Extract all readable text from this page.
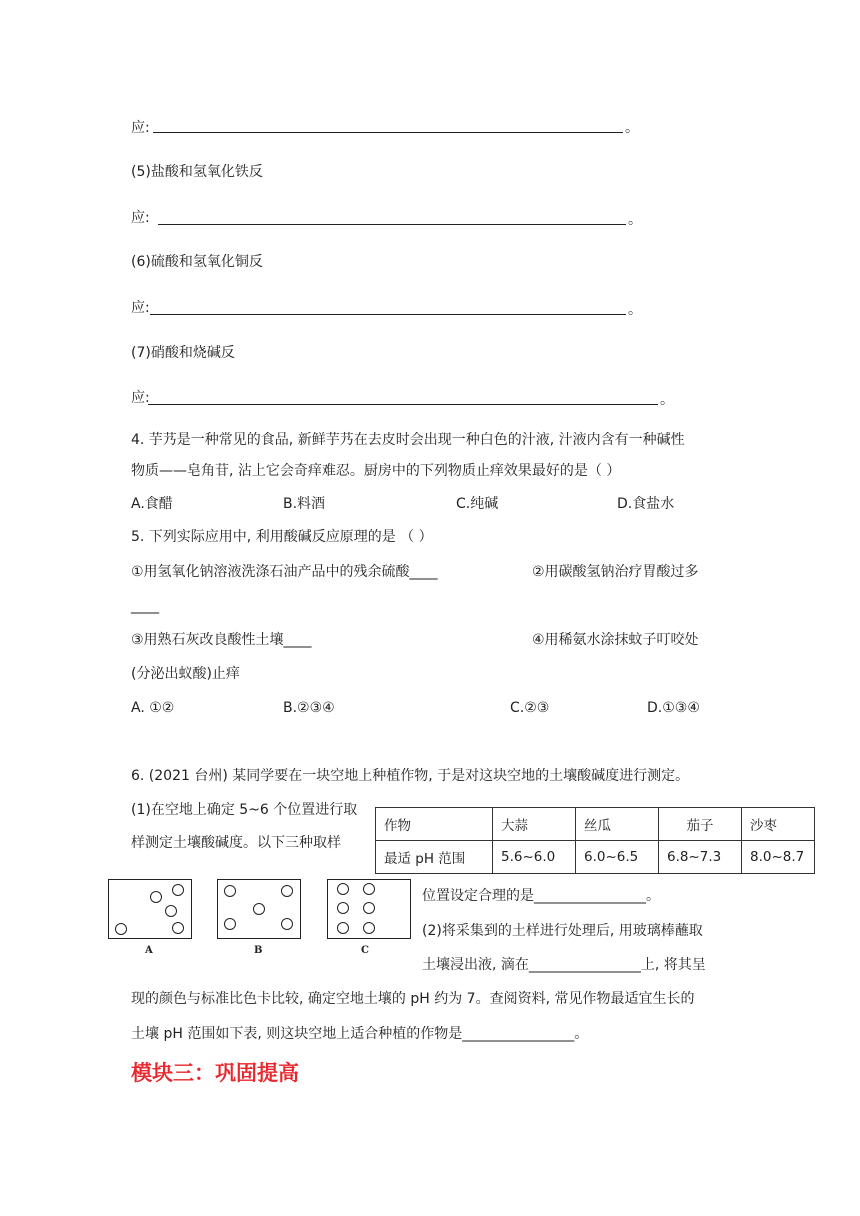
应:	。
(5)盐酸和氢氧化铁反
应:	。
(6)硫酸和氢氧化铜反
应:	。
(7)硝酸和烧碱反
应:	。
4. 芋艿是一种常见的食品, 新鲜芋艿在去皮时会出现一种白色的汁液, 汁液内含有一种碱性
物质——皂角苷, 沾上它会奇痒难忍。厨房中的下列物质止痒效果最好的是（ ）
A.食醋	B.料酒	C.纯碱	D.食盐水
5. 下列实际应用中, 利用酸碱反应原理的是 （ ）
①用氢氧化钠溶液洗涤石油产品中的残余硫酸____	②用碳酸氢钠治疗胃酸过多
____
③用熟石灰改良酸性土壤____	④用稀氨水涂抹蚊子叮咬处
(分泌出蚁酸)止痒
A. ①②	B.②③④	C.②③	D.①③④
6. (2021 台州) 某同学要在一块空地上种植作物, 于是对这块空地的土壤酸碱度进行测定。
(1)在空地上确定 5~6 个位置进行取
样测定土壤酸碱度。以下三种取样
作物	大蒜	丝瓜	茄子	沙枣
最适 pH 范围	5.6~6.0	6.0~6.5	6.8~7.3	8.0~8.7
A	B	C
位置设定合理的是________________。
(2)将采集到的土样进行处理后, 用玻璃棒蘸取
土壤浸出液, 滴在________________上, 将其呈
现的颜色与标准比色卡比较, 确定空地土壤的 pH 约为 7。查阅资料, 常见作物最适宜生长的
土壤 pH 范围如下表, 则这块空地上适合种植的作物是________________。
模块三：巩固提高
